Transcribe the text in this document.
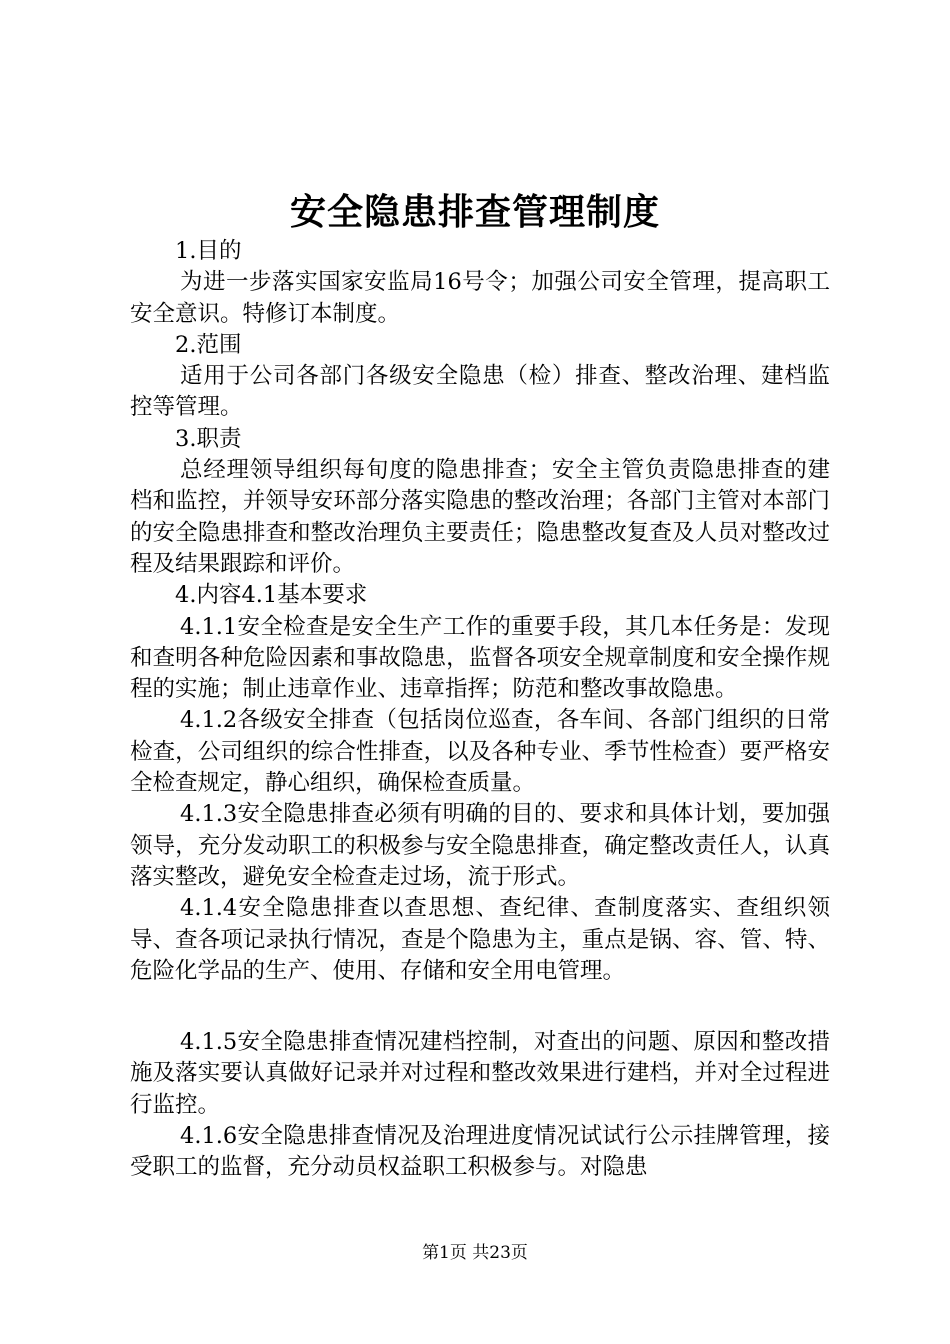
安全隐患排查管理制度

1.目的

为进一步落实国家安监局16号令；加强公司安全管理，提高职工安全意识。特修订本制度。

2.范围

适用于公司各部门各级安全隐患（检）排查、整改治理、建档监控等管理。

3.职责

总经理领导组织每旬度的隐患排查；安全主管负责隐患排查的建档和监控，并领导安环部分落实隐患的整改治理；各部门主管对本部门的安全隐患排查和整改治理负主要责任；隐患整改复查及人员对整改过程及结果跟踪和评价。

4.内容4.1基本要求

4.1.1安全检查是安全生产工作的重要手段，其几本任务是：发现和查明各种危险因素和事故隐患，监督各项安全规章制度和安全操作规程的实施；制止违章作业、违章指挥；防范和整改事故隐患。

4.1.2各级安全排查（包括岗位巡查，各车间、各部门组织的日常检查，公司组织的综合性排查，以及各种专业、季节性检查）要严格安全检查规定，静心组织，确保检查质量。

4.1.3安全隐患排查必须有明确的目的、要求和具体计划，要加强领导，充分发动职工的积极参与安全隐患排查，确定整改责任人，认真落实整改，避免安全检查走过场，流于形式。

4.1.4安全隐患排查以查思想、查纪律、查制度落实、查组织领导、查各项记录执行情况，查是个隐患为主，重点是锅、容、管、特、危险化学品的生产、使用、存储和安全用电管理。

4.1.5安全隐患排查情况建档控制，对查出的问题、原因和整改措施及落实要认真做好记录并对过程和整改效果进行建档，并对全过程进行监控。

4.1.6安全隐患排查情况及治理进度情况试试行公示挂牌管理，接受职工的监督，充分动员权益职工积极参与。对隐患

第1页 共23页
